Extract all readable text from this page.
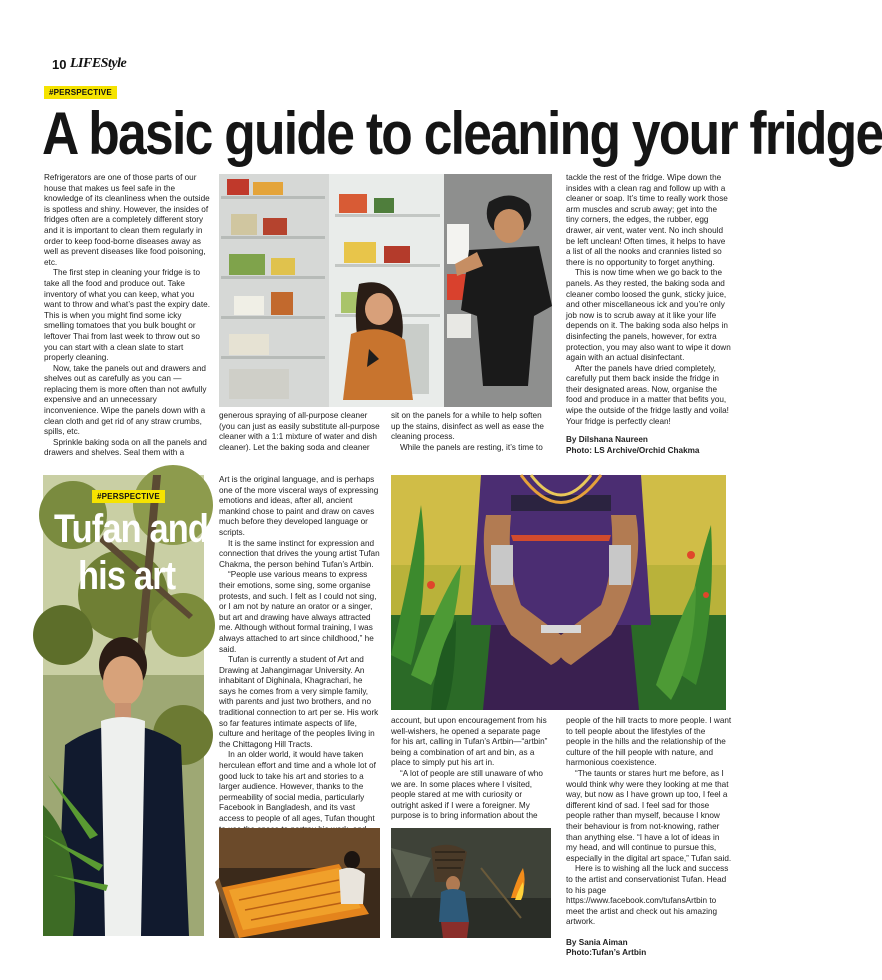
10 LIFEStyle
#PERSPECTIVE
A basic guide to cleaning your fridge

Refrigerators are one of those parts of our house that makes us feel safe in the knowledge of its cleanliness when the outside is spotless and shiny. However, the insides of fridges often are a completely different story and it is important to clean them regularly in order to keep food-borne diseases away as well as prevent diseases like food poisoning, etc.

The first step in cleaning your fridge is to take all the food and produce out. Take inventory of what you can keep, what you want to throw and what’s past the expiry date. This is when you might find some icky smelling tomatoes that you bulk bought or leftover Thai from last week to throw out so you can start with a clean slate to start properly cleaning.

Now, take the panels out and drawers and shelves out as carefully as you can — replacing them is more often than not awfully expensive and an unnecessary inconvenience. Wipe the panels down with a clean cloth and get rid of any straw crumbs, spills, etc.

Sprinkle baking soda on all the panels and drawers and shelves. Seal them with a

generous spraying of all-purpose cleaner (you can just as easily substitute all-purpose cleaner with a 1:1 mixture of water and dish cleaner). Let the baking soda and cleaner

sit on the panels for a while to help soften up the stains, disinfect as well as ease the cleaning process.

While the panels are resting, it’s time to

tackle the rest of the fridge. Wipe down the insides with a clean rag and follow up with a cleaner or soap. It’s time to really work those arm muscles and scrub away; get into the tiny corners, the edges, the rubber, egg drawer, air vent, water vent. No inch should be left unclean! Often times, it helps to have a list of all the nooks and crannies listed so there is no opportunity to forget anything.

This is now time when we go back to the panels. As they rested, the baking soda and cleaner combo loosed the gunk, sticky juice, and other miscellaneous ick and you’re only job now is to scrub away at it like your life depends on it. The baking soda also helps in disinfecting the panels, however, for extra protection, you may also want to wipe it down again with an actual disinfectant.

After the panels have dried completely, carefully put them back inside the fridge in their designated areas. Now, organise the food and produce in a matter that befits you, wipe the outside of the fridge lastly and voila! Your fridge is perfectly clean!

By Dilshana Naureen

Photo: LS Archive/Orchid Chakma

#PERSPECTIVE
Tufan and
his art

Art is the original language, and is perhaps one of the more visceral ways of expressing emotions and ideas, after all, ancient mankind chose to paint and draw on caves much before they developed language or scripts.

It is the same instinct for expression and connection that drives the young artist Tufan Chakma, the person behind Tufan’s Artbin.

“People use various means to express their emotions, some sing, some organise protests, and such. I felt as I could not sing, or I am not by nature an orator or a singer, but art and drawing have always attracted me. Although without formal training, I was always attached to art since childhood,” he said.

Tufan is currently a student of Art and Drawing at Jahangirnagar University. An inhabitant of Dighinala, Khagrachari, he says he comes from a very simple family, with parents and just two brothers, and no traditional connection to art per se. His work so far features intimate aspects of life, culture and heritage of the peoples living in the Chittagong Hill Tracts.

In an older world, it would have taken herculean effort and time and a whole lot of good luck to take his art and stories to a larger audience. However, thanks to the permeability of social media, particularly Facebook in Bangladesh, and its vast access to people of all ages, Tufan thought

account, but upon encouragement from his well-wishers, he opened a separate page for his art, calling in Tufan’s Artbin—“artbin” being a combination of art and bin, as a place to simply put his art in.

“A lot of people are still unaware of who we are. In some places where I visited, people stared at me with curiosity or outright asked if I were a foreigner. My purpose is to bring information about the

people of the hill tracts to more people. I want to tell people about the lifestyles of the people in the hills and the relationship of the culture of the hill people with nature, and harmonious coexistence.

“The taunts or stares hurt me before, as I would think why were they looking at me that way, but now as I have grown up too, I feel a different kind of sad. I feel sad for those people rather than myself, because I know their behaviour is from not-knowing, rather than anything else. “I have a lot of ideas in my head, and will continue to pursue this, especially in the digital art space,” Tufan said.

Here is to wishing all the luck and success to the artist and conservationist Tufan. Head to his page https://www.facebook.com/tufansArtbin to meet the artist and check out his amazing artwork.

By Sania Aiman

Photo:Tufan’s Artbin
